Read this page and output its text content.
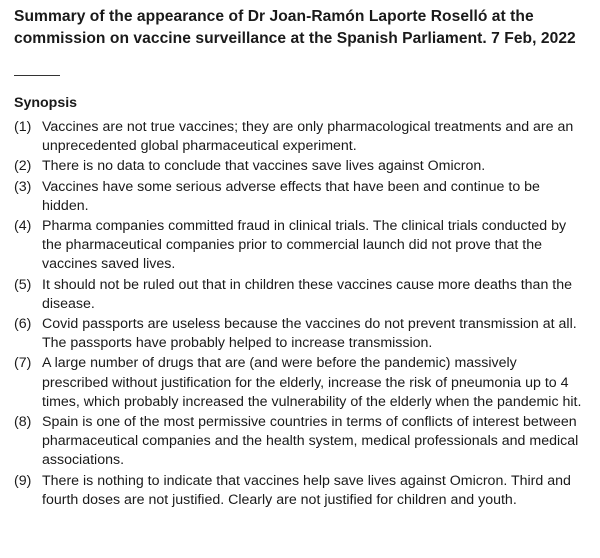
Summary of the appearance of Dr Joan-Ramón Laporte Roselló at the commission on vaccine surveillance at the Spanish Parliament. 7 Feb, 2022
Synopsis
(1) Vaccines are not true vaccines; they are only pharmacological treatments and are an unprecedented global pharmaceutical experiment.
(2) There is no data to conclude that vaccines save lives against Omicron.
(3) Vaccines have some serious adverse effects that have been and continue to be hidden.
(4) Pharma companies committed fraud in clinical trials. The clinical trials conducted by the pharmaceutical companies prior to commercial launch did not prove that the vaccines saved lives.
(5) It should not be ruled out that in children these vaccines cause more deaths than the disease.
(6) Covid passports are useless because the vaccines do not prevent transmission at all. The passports have probably helped to increase transmission.
(7) A large number of drugs that are (and were before the pandemic) massively prescribed without justification for the elderly, increase the risk of pneumonia up to 4 times, which probably increased the vulnerability of the elderly when the pandemic hit.
(8) Spain is one of the most permissive countries in terms of conflicts of interest between pharmaceutical companies and the health system, medical professionals and medical associations.
(9) There is nothing to indicate that vaccines help save lives against Omicron. Third and fourth doses are not justified. Clearly are not justified for children and youth.
